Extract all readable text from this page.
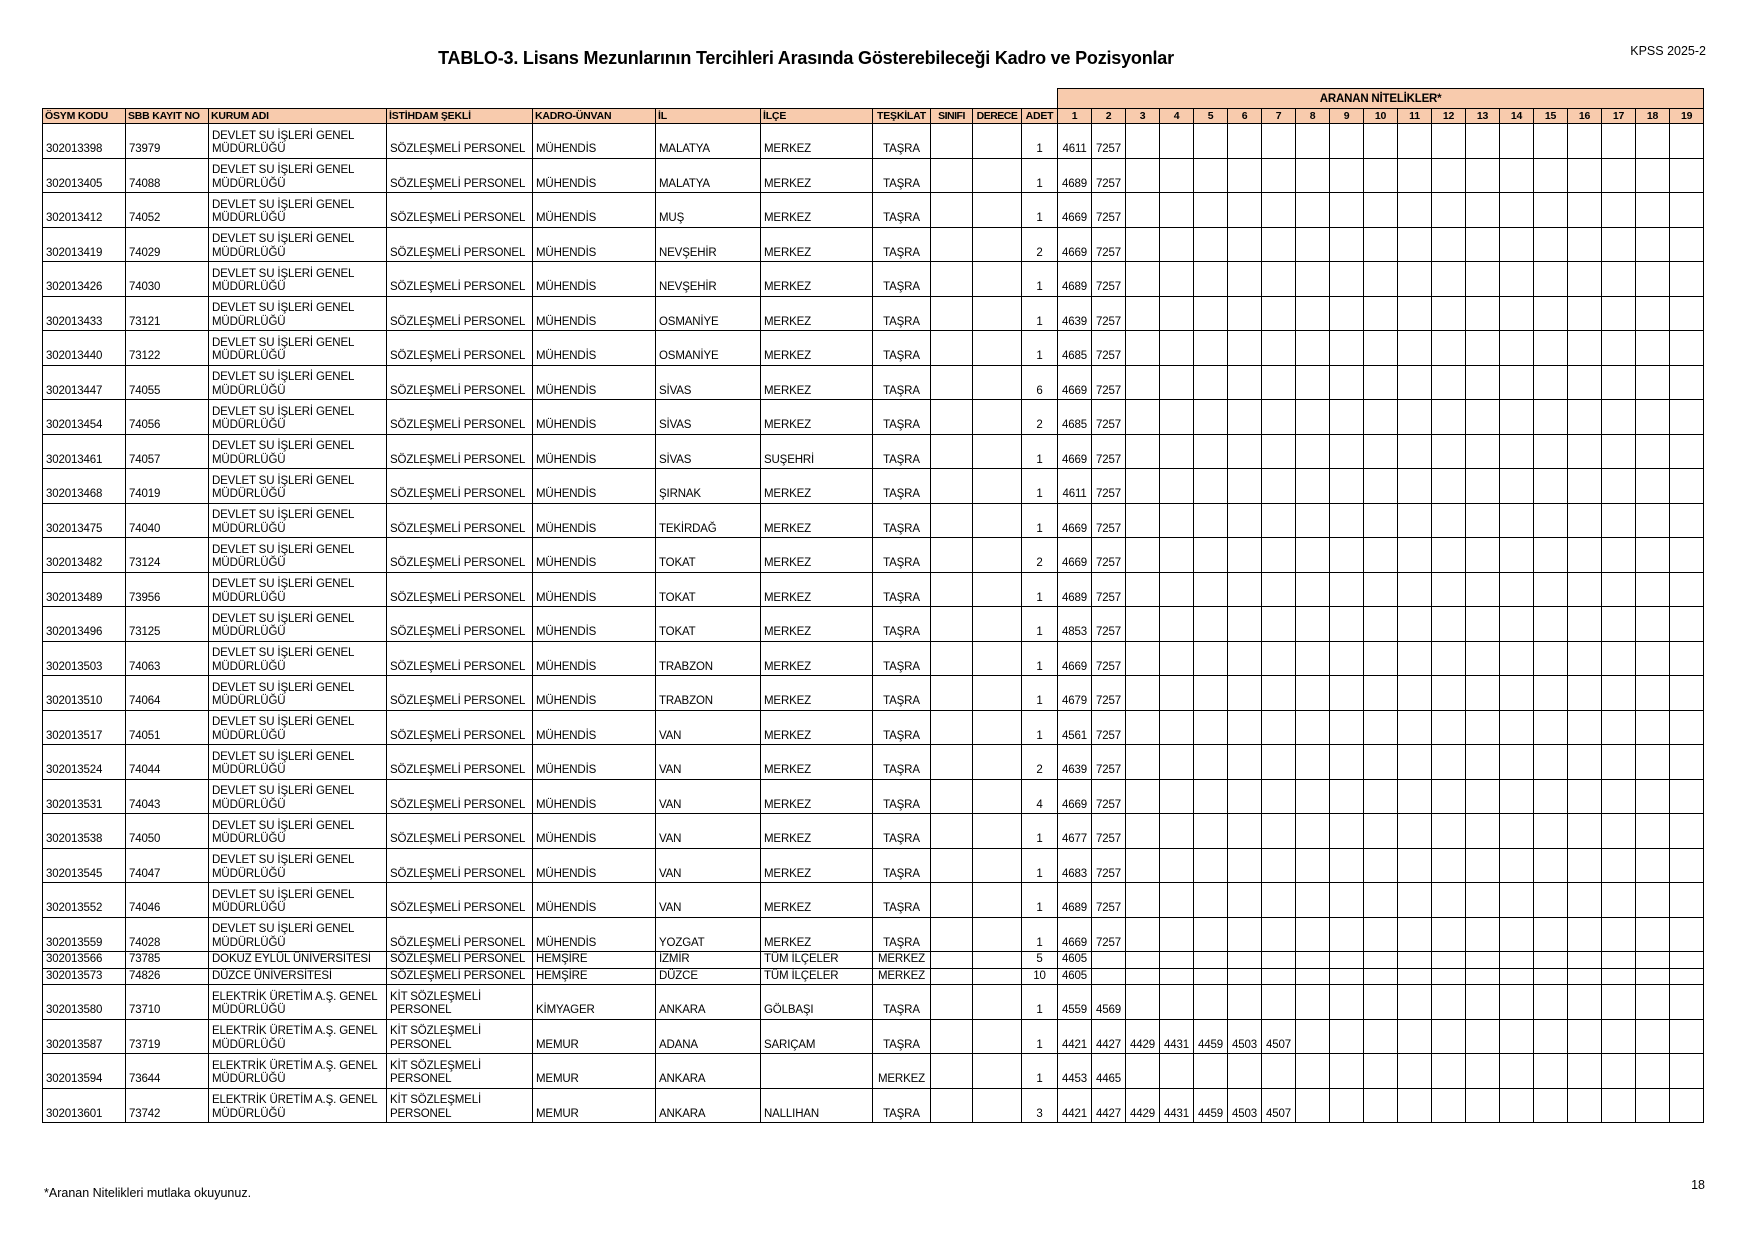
TABLO-3. Lisans Mezunlarının Tercihleri Arasında Gösterebileceği Kadro ve Pozisyonlar	KPSS 2025-2
											ARANAN NİTELİKLER*																		
ÖSYM KODU	SBB KAYIT NO	KURUM ADI	İSTİHDAM ŞEKLİ	KADRO-ÜNVAN	İL	İLÇE	TEŞKİLAT	SINIFI	DERECE	ADET	1	2	3	4	5	6	7	8	9	10	11	12	13	14	15	16	17	18	19
302013398	73979	DEVLET SU İŞLERİ GENEL MÜDÜRLÜĞÜ	SÖZLEŞMELİ PERSONEL	MÜHENDİS	MALATYA	MERKEZ	TAŞRA			1	4611	7257																	
302013405	74088	DEVLET SU İŞLERİ GENEL MÜDÜRLÜĞÜ	SÖZLEŞMELİ PERSONEL	MÜHENDİS	MALATYA	MERKEZ	TAŞRA			1	4689	7257																	
302013412	74052	DEVLET SU İŞLERİ GENEL MÜDÜRLÜĞÜ	SÖZLEŞMELİ PERSONEL	MÜHENDİS	MUŞ	MERKEZ	TAŞRA			1	4669	7257																	
302013419	74029	DEVLET SU İŞLERİ GENEL MÜDÜRLÜĞÜ	SÖZLEŞMELİ PERSONEL	MÜHENDİS	NEVŞEHİR	MERKEZ	TAŞRA			2	4669	7257																	
302013426	74030	DEVLET SU İŞLERİ GENEL MÜDÜRLÜĞÜ	SÖZLEŞMELİ PERSONEL	MÜHENDİS	NEVŞEHİR	MERKEZ	TAŞRA			1	4689	7257																	
302013433	73121	DEVLET SU İŞLERİ GENEL MÜDÜRLÜĞÜ	SÖZLEŞMELİ PERSONEL	MÜHENDİS	OSMANİYE	MERKEZ	TAŞRA			1	4639	7257																	
302013440	73122	DEVLET SU İŞLERİ GENEL MÜDÜRLÜĞÜ	SÖZLEŞMELİ PERSONEL	MÜHENDİS	OSMANİYE	MERKEZ	TAŞRA			1	4685	7257																	
302013447	74055	DEVLET SU İŞLERİ GENEL MÜDÜRLÜĞÜ	SÖZLEŞMELİ PERSONEL	MÜHENDİS	SİVAS	MERKEZ	TAŞRA			6	4669	7257																	
302013454	74056	DEVLET SU İŞLERİ GENEL MÜDÜRLÜĞÜ	SÖZLEŞMELİ PERSONEL	MÜHENDİS	SİVAS	MERKEZ	TAŞRA			2	4685	7257																	
302013461	74057	DEVLET SU İŞLERİ GENEL MÜDÜRLÜĞÜ	SÖZLEŞMELİ PERSONEL	MÜHENDİS	SİVAS	SUŞEHRİ	TAŞRA			1	4669	7257																	
302013468	74019	DEVLET SU İŞLERİ GENEL MÜDÜRLÜĞÜ	SÖZLEŞMELİ PERSONEL	MÜHENDİS	ŞIRNAK	MERKEZ	TAŞRA			1	4611	7257																	
302013475	74040	DEVLET SU İŞLERİ GENEL MÜDÜRLÜĞÜ	SÖZLEŞMELİ PERSONEL	MÜHENDİS	TEKİRDAĞ	MERKEZ	TAŞRA			1	4669	7257																	
302013482	73124	DEVLET SU İŞLERİ GENEL MÜDÜRLÜĞÜ	SÖZLEŞMELİ PERSONEL	MÜHENDİS	TOKAT	MERKEZ	TAŞRA			2	4669	7257																	
302013489	73956	DEVLET SU İŞLERİ GENEL MÜDÜRLÜĞÜ	SÖZLEŞMELİ PERSONEL	MÜHENDİS	TOKAT	MERKEZ	TAŞRA			1	4689	7257																	
302013496	73125	DEVLET SU İŞLERİ GENEL MÜDÜRLÜĞÜ	SÖZLEŞMELİ PERSONEL	MÜHENDİS	TOKAT	MERKEZ	TAŞRA			1	4853	7257																	
302013503	74063	DEVLET SU İŞLERİ GENEL MÜDÜRLÜĞÜ	SÖZLEŞMELİ PERSONEL	MÜHENDİS	TRABZON	MERKEZ	TAŞRA			1	4669	7257																	
302013510	74064	DEVLET SU İŞLERİ GENEL MÜDÜRLÜĞÜ	SÖZLEŞMELİ PERSONEL	MÜHENDİS	TRABZON	MERKEZ	TAŞRA			1	4679	7257																	
302013517	74051	DEVLET SU İŞLERİ GENEL MÜDÜRLÜĞÜ	SÖZLEŞMELİ PERSONEL	MÜHENDİS	VAN	MERKEZ	TAŞRA			1	4561	7257																	
302013524	74044	DEVLET SU İŞLERİ GENEL MÜDÜRLÜĞÜ	SÖZLEŞMELİ PERSONEL	MÜHENDİS	VAN	MERKEZ	TAŞRA			2	4639	7257																	
302013531	74043	DEVLET SU İŞLERİ GENEL MÜDÜRLÜĞÜ	SÖZLEŞMELİ PERSONEL	MÜHENDİS	VAN	MERKEZ	TAŞRA			4	4669	7257																	
302013538	74050	DEVLET SU İŞLERİ GENEL MÜDÜRLÜĞÜ	SÖZLEŞMELİ PERSONEL	MÜHENDİS	VAN	MERKEZ	TAŞRA			1	4677	7257																	
302013545	74047	DEVLET SU İŞLERİ GENEL MÜDÜRLÜĞÜ	SÖZLEŞMELİ PERSONEL	MÜHENDİS	VAN	MERKEZ	TAŞRA			1	4683	7257																	
302013552	74046	DEVLET SU İŞLERİ GENEL MÜDÜRLÜĞÜ	SÖZLEŞMELİ PERSONEL	MÜHENDİS	VAN	MERKEZ	TAŞRA			1	4689	7257																	
302013559	74028	DEVLET SU İŞLERİ GENEL MÜDÜRLÜĞÜ	SÖZLEŞMELİ PERSONEL	MÜHENDİS	YOZGAT	MERKEZ	TAŞRA			1	4669	7257																	
302013566	73785	DOKUZ EYLÜL ÜNİVERSİTESİ	SÖZLEŞMELİ PERSONEL	HEMŞİRE	İZMİR	TÜM İLÇELER	MERKEZ			5	4605																		
302013573	74826	DÜZCE ÜNİVERSİTESİ	SÖZLEŞMELİ PERSONEL	HEMŞİRE	DÜZCE	TÜM İLÇELER	MERKEZ			10	4605																		
302013580	73710	ELEKTRİK ÜRETİM A.Ş. GENEL MÜDÜRLÜĞÜ	KİT SÖZLEŞMELİ PERSONEL	KİMYAGER	ANKARA	GÖLBAŞI	TAŞRA			1	4559	4569																	
302013587	73719	ELEKTRİK ÜRETİM A.Ş. GENEL MÜDÜRLÜĞÜ	KİT SÖZLEŞMELİ PERSONEL	MEMUR	ADANA	SARIÇAM	TAŞRA			1	4421	4427	4429	4431	4459	4503	4507												
302013594	73644	ELEKTRİK ÜRETİM A.Ş. GENEL MÜDÜRLÜĞÜ	KİT SÖZLEŞMELİ PERSONEL	MEMUR	ANKARA		MERKEZ			1	4453	4465																	
302013601	73742	ELEKTRİK ÜRETİM A.Ş. GENEL MÜDÜRLÜĞÜ	KİT SÖZLEŞMELİ PERSONEL	MEMUR	ANKARA	NALLIHAN	TAŞRA			3	4421	4427	4429	4431	4459	4503	4507												
*Aranan Nitelikleri mutlaka okuyunuz.
18
